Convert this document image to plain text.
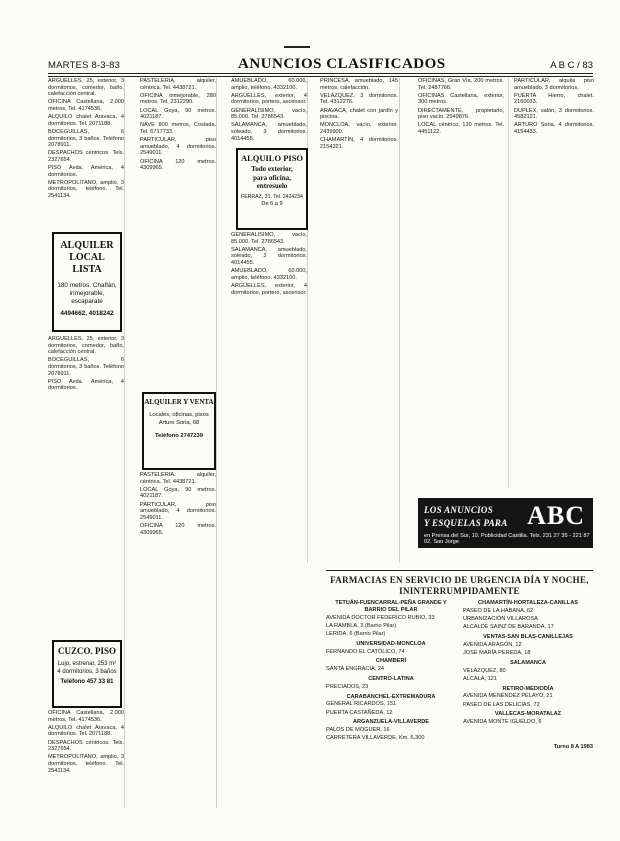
MARTES 8-3-83	ANUNCIOS CLASIFICADOS	A B C / 83

ARGÜELLES, 25, exterior, 3 dormitorios, comedor, baño, calefacción central.

OFICINA Castellana, 2.000 metros, Tel. 4174536.

ALQUILO chalet Aravaca, 4 dormitorios. Tel. 2071188.

BOCEGUILLAS, 6 dormitorios, 3 baños. Teléfono 2078911.

DESPACHOS céntricos. Tels. 2327654.

PISO Avda. América, 4 dormitorios.

METROPOLITANO, amplio, 3 dormitorios, teléfono. Tel. 2541134.

ALQUILER LOCAL LISTA
180 metros. Chaflán,
inmejorable, escaparate
4494662, 4018242

ARGÜELLES, 25, exterior, 3 dormitorios, comedor, baño, calefacción central.

BOCEGUILLAS, 6 dormitorios, 3 baños. Teléfono 2078911.

PISO Avda. América, 4 dormitorios.

CUZCO. PISO
Lujo, estrenar, 253 m²
4 dormitorios, 3 baños
Teléfono 457 33 81

OFICINA Castellana, 2.000 metros, Tel. 4174536.

ALQUILO chalet Aravaca, 4 dormitorios. Tel. 2071188.

DESPACHOS céntricos. Tels. 2327654.

METROPOLITANO, amplio, 3 dormitorios, teléfono. Tel. 2541134.

PASTELERÍA, alquiler, céntrica. Tel. 4438721.

OFICINA inmejorable, 280 metros. Tel. 2312290.

LOCAL Goya, 90 metros. 4021187.

NAVE 800 metros, Coslada. Tel. 6717733.

PARTICULAR, piso amueblado, 4 dormitorios. 2549011.

OFICINA 120 metros. 4309965.

ALQUILER Y VENTA
Locales, oficinas, pisos
Arturo Soria, 68
Teléfono 2747239

PASTELERÍA, alquiler, céntrica. Tel. 4438721.

LOCAL Goya, 90 metros. 4021187.

PARTICULAR, piso amueblado, 4 dormitorios. 2549011.

OFICINA 120 metros. 4309965.

AMUEBLADO, 60.000, amplio, teléfono. 4332100.

ARGÜELLES, exterior, 4 dormitorios, portero, ascensor.

GENERALÍSIMO, vacío, 85.000. Tel. 2786543.

SALAMANCA, amueblado, soleado, 3 dormitorios. 4014455.

ALQUILO PISO
Todo exterior,
para oficina,
entresuelo
FERRAZ, 31. Tel. 2424234
De 6 a 9

GENERALÍSIMO, vacío, 85.000. Tel. 2786543.

SALAMANCA, amueblado, soleado, 3 dormitorios. 4014455.

AMUEBLADO, 60.000, amplio, teléfono. 4332100.

ARGÜELLES, exterior, 4 dormitorios, portero, ascensor.

PRINCESA, amueblado, 145 metros, calefacción.

VELÁZQUEZ, 3 dormitorios. Tel. 4312276.

ARAVACA, chalet con jardín y piscina.

MONCLOA, vacío, exterior. 2439900.

CHAMARTÍN, 4 dormitorios. 2154321.

OFICINAS, Gran Vía, 200 metros. Tel. 2487766.

OFICINAS Castellana, exterior, 300 metros.

DIRECTAMENTE, propietario, piso vacío. 2549876.

LOCAL céntrico, 120 metros. Tel. 4451122.

PARTICULAR, alquila piso amueblado, 3 dormitorios.

PUERTA Hierro, chalet. 2160033.

DUPLEX, salón, 3 dormitorios. 4582121.

ARTURO Soria, 4 dormitorios. 4154433.

LOS ANUNCIOS
Y ESQUELAS PARA ABC
en Prensa del Sur, 10. Publicidad Castilla. Tels. 231 27 35 - 221 87 02. San Jorge
FARMACIAS EN SERVICIO DE URGENCIA DÍA Y NOCHE, ININTERRUMPIDAMENTE
TETUÁN-FUENCARRAL-PEÑA GRANDE Y BARRIO DEL PILAR
AVENIDA DOCTOR FEDERICO RUBIO, 33
LA RAMBLA, 3 (Barrio Pilar)
LERIDA, 6 (Barrio Pilar)
UNIVERSIDAD-MONCLOA
FERNANDO EL CATÓLICO, 74
CHAMBERÍ
SANTA ENGRACIA, 24
CENTRO-LATINA
PRECIADOS, 23
CARABANCHEL-EXTREMADURA
GENERAL RICARDOS, 151
PUERTA CASTAÑEDA, 12
ARGANZUELA-VILLAVERDE
PALOS DE MOGUER, 16
CARRETERA VILLAVERDE, Km. 6,300
CHAMARTÍN-HORTALEZA-CANILLAS
PASEO DE LA HABANA, 62
URBANIZACIÓN VILLAROSA
ALCALDE SAINZ DE BARANDA, 17
VENTAS-SAN BLAS-CANILLEJAS
AVENIDA ARAGÓN, 12
JOSÉ MARÍA PEREDA, 18
SALAMANCA
VELÁZQUEZ, 80
ALCALÁ, 121
RETIRO-MEDIODÍA
AVENIDA MENÉNDEZ PELAYO, 21
PASEO DE LAS DELICIAS, 72
VALLECAS-MORATALAZ
AVENIDA MONTE IGUELDO, 6
Turno 8 A 1983
